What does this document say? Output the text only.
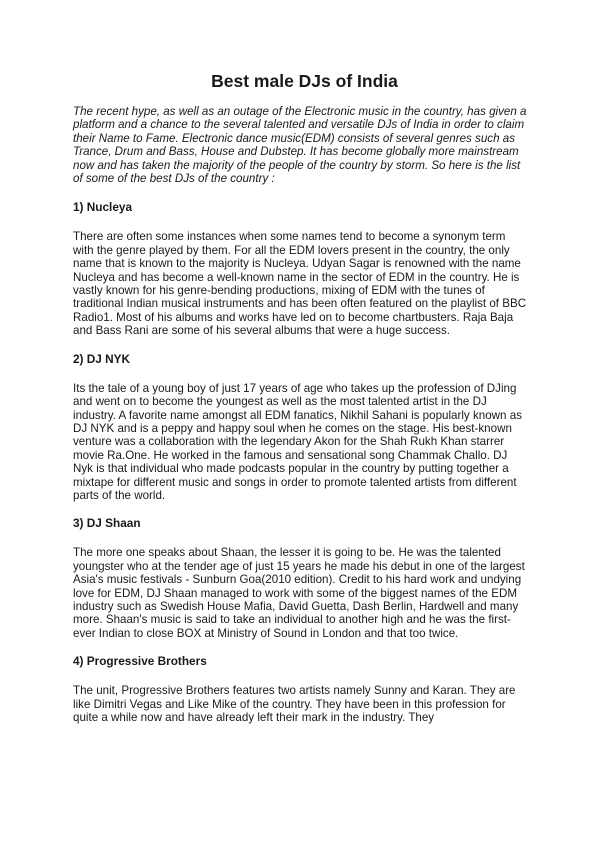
Best male DJs of India

The recent hype, as well as an outage of the Electronic music in the country, has given a platform and a chance to the several talented and versatile DJs of India in order to claim their Name to Fame. Electronic dance music(EDM) consists of several genres such as Trance, Drum and Bass, House and Dubstep. It has become globally more mainstream now and has taken the majority of the people of the country by storm. So here is the list of some of the best DJs of the country :

1) Nucleya

There are often some instances when some names tend to become a synonym term with the genre played by them. For all the EDM lovers present in the country, the only name that is known to the majority is Nucleya. Udyan Sagar is renowned with the name Nucleya and has become a well-known name in the sector of EDM in the country. He is vastly known for his genre-bending productions, mixing of EDM with the tunes of traditional Indian musical instruments and has been often featured on the playlist of BBC Radio1. Most of his albums and works have led on to become chartbusters. Raja Baja and Bass Rani are some of his several albums that were a huge success.

2) DJ NYK

Its the tale of a young boy of just 17 years of age who takes up the profession of DJing and went on to become the youngest as well as the most talented artist in the DJ industry. A favorite name amongst all EDM fanatics, Nikhil Sahani is popularly known as DJ NYK and is a peppy and happy soul when he comes on the stage. His best-known venture was a collaboration with the legendary Akon for the Shah Rukh Khan starrer movie Ra.One. He worked in the famous and sensational song Chammak Challo. DJ Nyk is that individual who made podcasts popular in the country by putting together a mixtape for different music and songs in order to promote talented artists from different parts of the world.

3) DJ Shaan

The more one speaks about Shaan, the lesser it is going to be. He was the talented youngster who at the tender age of just 15 years he made his debut in one of the largest Asia's music festivals - Sunburn Goa(2010 edition). Credit to his hard work and undying love for EDM, DJ Shaan managed to work with some of the biggest names of the EDM industry such as Swedish House Mafia, David Guetta, Dash Berlin, Hardwell and many more. Shaan's music is said to take an individual to another high and he was the first-ever Indian to close BOX at Ministry of Sound in London and that too twice.

4) Progressive Brothers

The unit, Progressive Brothers features two artists namely Sunny and Karan. They are like Dimitri Vegas and Like Mike of the country. They have been in this profession for quite a while now and have already left their mark in the industry. They
